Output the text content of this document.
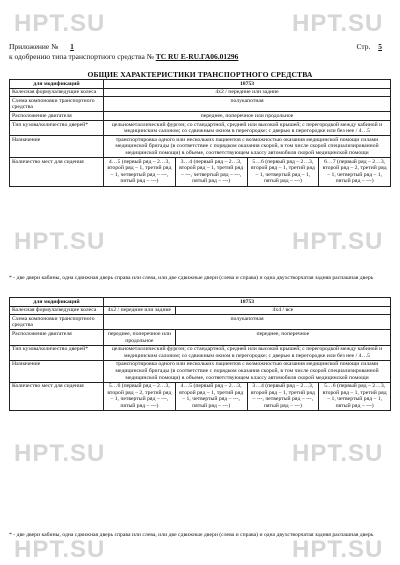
HPT.SU	HPT.SU
HPT.SU	HPT.SU
HPT.SU	HPT.SU
HPT.SU	HPT.SU
Приложение № 1	Стр. 5
к одобрению типа транспортного средства № ТС RU E-RU.ГА06.01296
ОБЩИЕ ХАРАКТЕРИСТИКИ ТРАНСПОРТНОГО СРЕДСТВА
для модификаций	18753			
Колесная формула/ведущие колеса	4х2 / передние или задние			
Схема компоновки транспортного средства	полукапотная			
Расположение двигателя	переднее, поперечное или продольное			
Тип кузова/количество дверей*	цельнометаллический фургон; со стандартной, средней или высокой крышей; с перегородкой между кабиной и медицинским салоном; со сдвижным окном в перегородке; с дверью в перегородке или без нее / 4…5			
Назначение	транспортировка одного или нескольких пациентов с возможностью оказания медицинской помощи силами медицинской бригады (в соответствие с порядком оказания скорой, в том числе скорой специализированной медицинской помощи) в объеме, соответствующем классу автомобиля скорой медицинской помощи			
Количество мест для сидения	4…5 (первый ряд – 2…3, второй ряд – 1, третий ряд – 1, четвертый ряд – ---, пятый ряд – ---)	3…4 (первый ряд – 2…3, второй ряд – 1, третий ряд – ---, четвертый ряд – ---, пятый ряд – ---)	5…6 (первый ряд – 2…3, второй ряд – 1, третий ряд – 1, четвертый ряд – 1, пятый ряд – ---)	6…7 (первый ряд – 2…3, второй ряд – 2, третий ряд – 1, четвертый ряд – 1, пятый ряд – ---)
* - две двери кабины, одна сдвижная дверь справа или слева, или две сдвижные двери (слева и справа) и одна двухстворчатая задняя распашная дверь
для модификаций	18753			
Колесная формула/ведущие колеса	4х2 / передние или задние	4х4 / все		
Схема компоновки транспортного средства	полукапотная			
Расположение двигателя	переднее, поперечное или продольное	переднее, поперечное		
Тип кузова/количество дверей*	цельнометаллический фургон; со стандартной, средней или высокой крышей; с перегородкой между кабиной и медицинским салоном; со сдвижным окном в перегородке; с дверью в перегородке или без нее / 4…5			
Назначение	транспортировка одного или нескольких пациентов с возможностью оказания медицинской помощи силами медицинской бригады (в соответствие с порядком оказания скорой, в том числе скорой специализированной медицинской помощи) в объеме, соответствующем классу автомобиля скорой медицинской помощи			
Количество мест для сидения	5…6 (первый ряд – 2…3, второй ряд – 2, третий ряд – 1, четвертый ряд – ---, пятый ряд – ---)	4…5 (первый ряд – 2…3, второй ряд – 1, третий ряд – 1, четвертый ряд – ---, пятый ряд – ---)	3…4 (первый ряд – 2…3, второй ряд – 1, третий ряд – ---, четвертый ряд – ---, пятый ряд – ---)	5…6 (первый ряд – 2…3, второй ряд – 1, третий ряд – 1, четвертый ряд – 1, пятый ряд – ---)
* - две двери кабины, одна сдвижная дверь справа или слева, или две сдвижные двери (слева и справа) и одна двухстворчатая задняя распашная дверь
